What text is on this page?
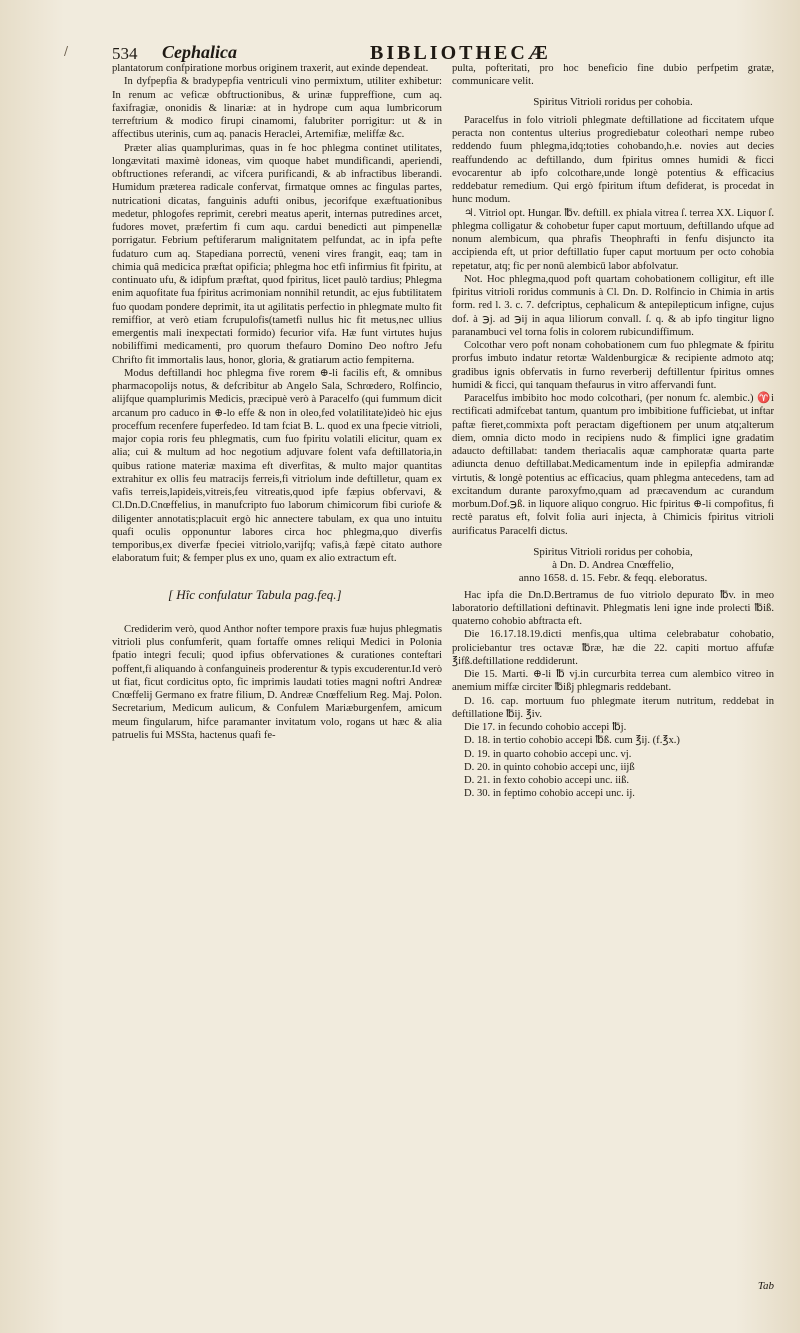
/	534 Cephalica	BIBLIOTHECÆ

plantatorum confpiratione morbus originem traxerit, aut exinde dependeat.

In dyfpepfia & bradypepfia ventriculi vino permixtum, utiliter exhibetur: In renum ac veficæ obftructionibus, & urinæ fuppreffione, cum aq. faxifragiæ, ononidis & linariæ: at in hydrope cum aqua lumbricorum terreftrium & modico firupi cinamomi, falubriter porrigitur: ut & in affectibus uterinis, cum aq. panacis Heraclei, Artemifiæ, meliffæ &c.

Præter alias quamplurimas, quas in fe hoc phlegma continet utilitates, longævitati maximè idoneas, vim quoque habet mundificandi, aperiendi, obftructiones referandi, ac vifcera purificandi, & ab infractibus liberandi. Humidum præterea radicale confervat, firmatque omnes ac fingulas partes, nutricationi dicatas, fanguinis adufti onibus, jecorifque exæftuationibus medetur, phlogofes reprimit, cerebri meatus aperit, internas putredines arcet, fudores movet, præfertim fi cum aqu. cardui benedicti aut pimpenellæ porrigatur. Febrium peftiferarum malignitatem pelfundat, ac in ipfa pefte fudaturo cum aq. Stapediana porrectû, veneni vires frangit, eaq; tam in chimia quâ medicica præftat opificia; phlegma hoc etfi infirmius fit fpiritu, at continuato ufu, & idipfum præftat, quod fpiritus, licet paulò tardius; Phlegma enim aquofitate fua fpiritus acrimoniam nonnihil retundit, ac ejus fubtilitatem fuo quodam pondere deprimit, ita ut agilitatis perfectio in phlegmate multo fit remiffior, at verò etiam fcrupulofis(tametfi nullus hic fit metus,nec ullius emergentis mali inexpectati formido) fecurior vifa. Hæ funt virtutes hujus nobiliffimi medicamenti, pro quorum thefauro Domino Deo noftro Jefu Chrifto fit immortalis laus, honor, gloria, & gratiarum actio fempiterna.

Modus deftillandi hoc phlegma five rorem ⊕-li facilis eft, & omnibus pharmacopolijs notus, & defcribitur ab Angelo Sala, Schrœdero, Rolfincio, alijfque quamplurimis Medicis, præcipuè verò à Paracelfo (qui fummum dicit arcanum pro caduco in ⊕-lo effe & non in oleo,fed volatilitate)ideò hic ejus proceffum recenfere fuperfedeo. Id tam fciat B. L. quod ex una fpecie vitrioli, major copia roris feu phlegmatis, cum fuo fpiritu volatili elicitur, quam ex alia; cui & multum ad hoc negotium adjuvare folent vafa deftillatoria,in quibus ratione materiæ maxima eft diverfitas, & multo major quantitas extrahitur ex ollis feu matracijs ferreis,fi vitriolum inde deftilletur, quam ex vafis terreis,lapideis,vitreis,feu vitreatis,quod ipfe fæpius obfervavi, & Cl.Dn.D.Cnœffelius, in manufcripto fuo laborum chimicorum fibi curiofe & diligenter annotatis;placuit ergò hic annectere tabulam, ex qua uno intuitu quafi oculis opponuntur labores circa hoc phlegma,quo diverfis temporibus,ex diverfæ fpeciei vitriolo,varijfq; vafis,à fæpè citato authore elaboratum fuit; & femper plus ex uno, quam ex alio extractum eft.

[ Hîc confulatur Tabula pag.feq.]

Crediderim verò, quod Anthor nofter tempore praxis fuæ hujus phlegmatis vitrioli plus confumferit, quam fortaffe omnes reliqui Medici in Polonia fpatio integri feculi; quod ipfius obfervationes & curationes conteftari poffent,fi aliquando à confanguineis proderentur & typis excuderentur.Id verò ut fiat, ficut cordicitus opto, fic imprimis laudati toties magni noftri Andreæ Cnœffelij Germano ex fratre filium, D. Andreæ Cnœffelium Reg. Maj. Polon. Secretarium, Medicum aulicum, & Confulem Mariæburgenfem, amicum meum fingularum, hifce paramanter invitatum volo, rogans ut hæc & alia patruelis fui MSSta, hactenus quafi fe-

pulta, pofteritati, pro hoc beneficio fine dubio perfpetim gratæ, communicare velit.

Spiritus Vitrioli roridus per cohobia.

Paracelfus in folo vitrioli phlegmate deftillatione ad ficcitatem ufque peracta non contentus ulterius progrediebatur coleothari nempe rubeo reddendo fuum phlegma,idq;toties cohobando,h.e. novies aut decies reaffundendo ac deftillando, dum fpiritus omnes humidi & ficci evocarentur ab ipfo colcothare,unde longè potentius & efficacius reddebatur remedium. Qui ergò fpiritum iftum defiderat, is procedat in hunc modum.

♃. Vitriol opt. Hungar. ℔v. deftill. ex phiala vitrea ſ. terrea XX. Liquor ſ. phlegma colligatur & cohobetur fuper caput mortuum, deftillando ufque ad nonum alembicum, qua phrafis Theophrafti in fenfu disjuncto ita accipienda eft, ut prior deftillatio fuper caput mortuum per octo cohobia repetatur, atq; fic per nonū alembicū labor abfolvatur.

Not. Hoc phlegma,quod poft quartam cohobationem colligitur, eft ille fpiritus vitrioli roridus communis à Cl. Dn. D. Rolfincio in Chimia in artis form. red l. 3. c. 7. defcriptus, cephalicum & antepilepticum infigne, cujus dof. à ℈j. ad ℈ij in aqua liliorum convall. ſ. q. & ab ipfo tingitur ligno paranambuci vel torna folis in colorem rubicundiffimum.

Colcothar vero poft nonam cohobationem cum fuo phlegmate & fpiritu prorfus imbuto indatur retortæ Waldenburgicæ & recipiente admoto atq; gradibus ignis obfervatis in furno reverberij deftillentur fpiritus omnes humidi & ficci, qui tanquam thefaurus in vitro affervandi funt.

Paracelfus imbibito hoc modo colcothari, (per nonum fc. alembic.) ♈i rectificati admifcebat tantum, quantum pro imbibitione fufficiebat, ut inftar paftæ fieret,commixta poft peractam digeftionem per unum atq;alterum diem, omnia dicto modo in recipiens nudo & fimplici igne gradatim adaucto deftillabat: tandem theriacalis aquæ camphoratæ quarta parte adiuncta denuo deftillabat.Medicamentum inde in epilepfia admirandæ virtutis, & longè potentius ac efficacius, quam phlegma antecedens, tam ad excitandum durante paroxyfmo,quam ad præcavendum ac curandum morbum.Dof.℈ß. in liquore aliquo congruo. Hic fpiritus ⊕-li compofitus, fi rectè paratus eft, folvit folia auri injecta, à Chimicis fpiritus vitrioli aurificatus Paracelfi dictus.

Spiritus Vitrioli roridus per cohobia,
à Dn. D. Andrea Cnœffelio,
anno 1658. d. 15. Febr. & feqq. eleboratus.

Hac ipfa die Dn.D.Bertramus de fuo vitriolo depurato ℔v. in meo laboratorio deftillationi deftinavit. Phlegmatis leni igne inde prolecti ℔iß. quaterno cohobio abftracta eft.

Die 16.17.18.19.dicti menfis,qua ultima celebrabatur cohobatio, proliciebantur tres octavæ ℔ræ, hæ die 22. capiti mortuo affufæ ℥ifß.deftillatione reddiderunt.

Die 15. Marti. ⊕-li ℔ vj.in curcurbita terrea cum alembico vitreo in anemium miffæ circiter ℔ißj phlegmaris reddebant.

D. 16. cap. mortuum fuo phlegmate iterum nutritum, reddebat in deftillatione ℔ij. ℥iv.

Die 17. in fecundo cohobio accepi ℔j.

D. 18. in tertio cohobio accepi ℔ß. cum ℥ij. (f.℥x.)

D. 19. in quarto cohobio accepi unc. vj.

D. 20. in quinto cohobio accepi unc, iijß

D. 21. in fexto cohobio accepi unc. iiß.

D. 30. in feptimo cohobio accepi unc. ij.

Tab
